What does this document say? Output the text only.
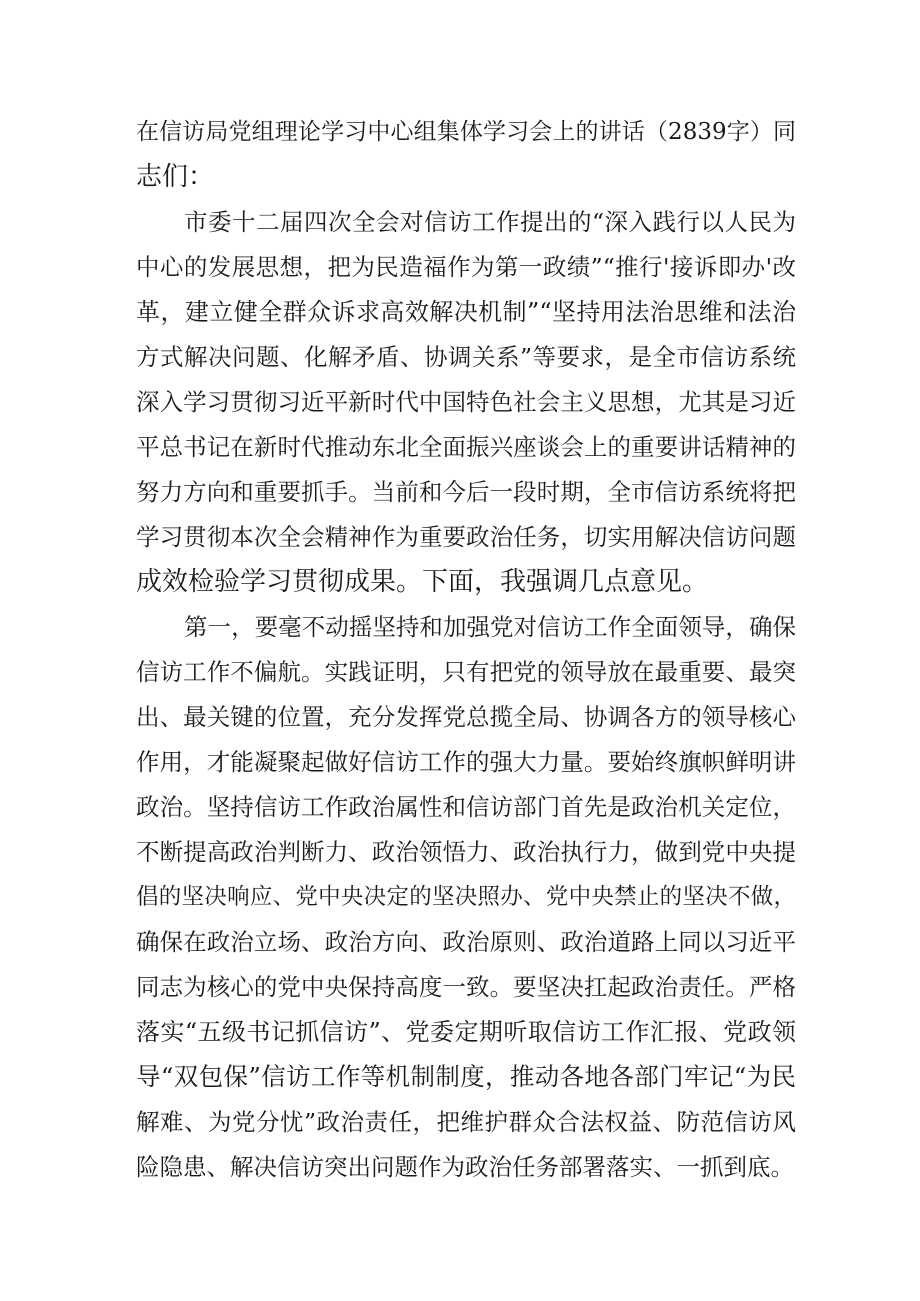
在信访局党组理论学习中心组集体学习会上的讲话（2839字）同
志们：
市委十二届四次全会对信访工作提出的“深入践行以人民为
中心的发展思想，把为民造福作为第一政绩”“推行'接诉即办'改
革，建立健全群众诉求高效解决机制”“坚持用法治思维和法治
方式解决问题、化解矛盾、协调关系”等要求，是全市信访系统
深入学习贯彻习近平新时代中国特色社会主义思想，尤其是习近
平总书记在新时代推动东北全面振兴座谈会上的重要讲话精神的
努力方向和重要抓手。当前和今后一段时期，全市信访系统将把
学习贯彻本次全会精神作为重要政治任务，切实用解决信访问题
成效检验学习贯彻成果。下面，我强调几点意见。
第一，要毫不动摇坚持和加强党对信访工作全面领导，确保
信访工作不偏航。实践证明，只有把党的领导放在最重要、最突
出、最关键的位置，充分发挥党总揽全局、协调各方的领导核心
作用，才能凝聚起做好信访工作的强大力量。要始终旗帜鲜明讲
政治。坚持信访工作政治属性和信访部门首先是政治机关定位，
不断提高政治判断力、政治领悟力、政治执行力，做到党中央提
倡的坚决响应、党中央决定的坚决照办、党中央禁止的坚决不做，
确保在政治立场、政治方向、政治原则、政治道路上同以习近平
同志为核心的党中央保持高度一致。要坚决扛起政治责任。严格
落实“五级书记抓信访”、党委定期听取信访工作汇报、党政领
导“双包保”信访工作等机制制度，推动各地各部门牢记“为民
解难、为党分忧”政治责任，把维护群众合法权益、防范信访风
险隐患、解决信访突出问题作为政治任务部署落实、一抓到底。
